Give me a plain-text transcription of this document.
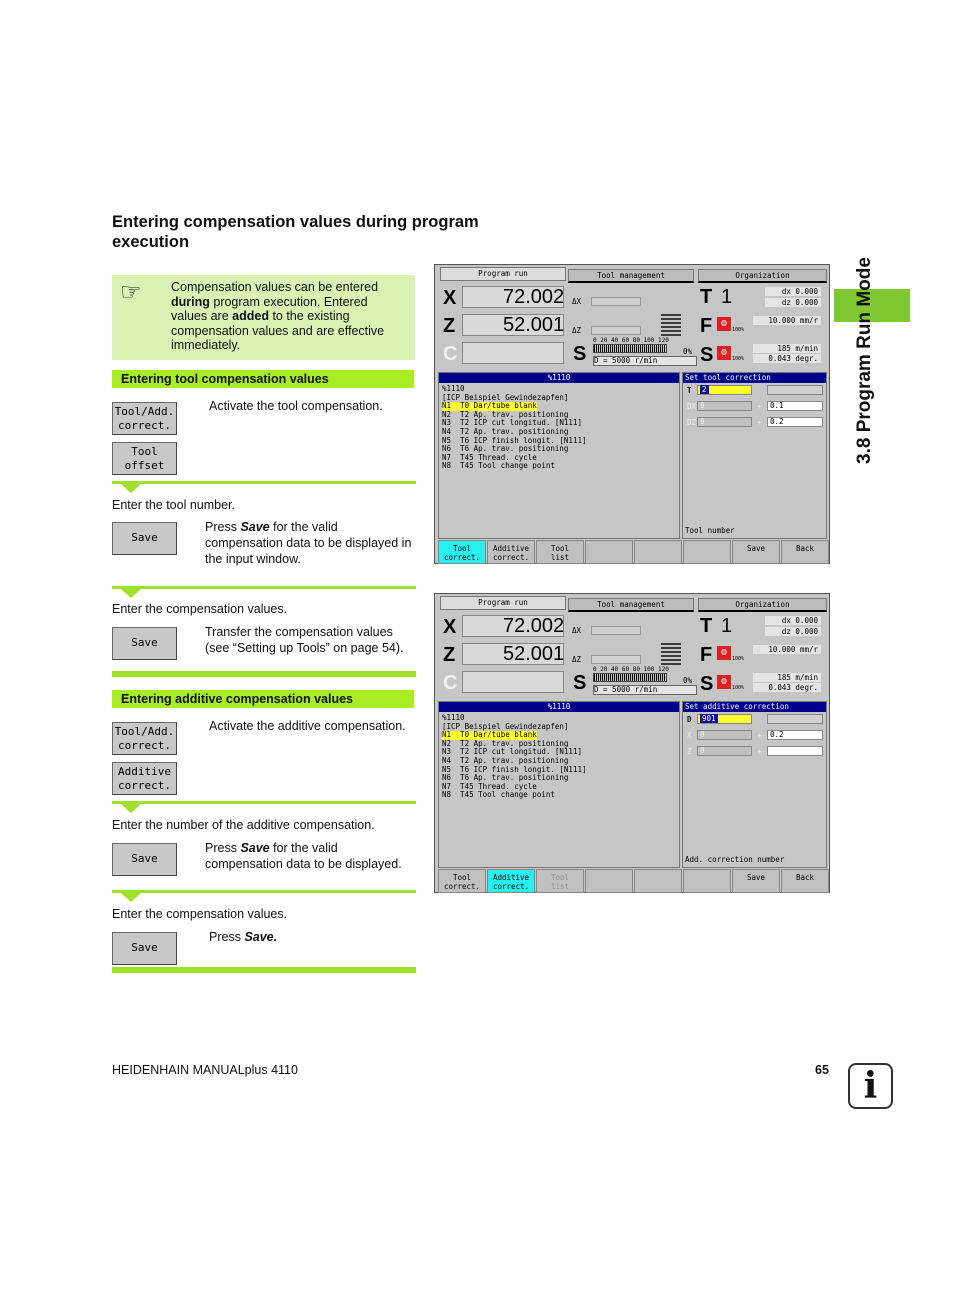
Entering compensation values during program execution
3.8 Program Run Mode
☞ Compensation values can be entered during program execution. Entered values are added to the existing compensation values and are effective immediately.
Entering tool compensation values
Tool/Add.
correct.
Activate the tool compensation.
Tool
offset
Enter the tool number.
Save
Press Save for the valid compensation data to be displayed in the input window.
Enter the compensation values.
Save
Transfer the compensation values (see “Setting up Tools” on page 54).
Entering additive compensation values
Tool/Add.
correct.
Activate the additive compensation.
Additive
correct.
Enter the number of the additive compensation.
Save
Press Save for the valid compensation data to be displayed.
Enter the compensation values.
Save
Press Save.
HEIDENHAIN MANUALplus 4110	65 i
Program run	Tool management	Organization
X	72.002
Z	52.001
C
ΔX
ΔZ
S
0 20 40 60 80 100 120
0%
D = 5000 r/min
T 1	dx 0.000
dz 0.000
F ⚙
100%
10.000 mm/r
S ⚙
100%
185 m/min
0.043 degr.
%1110
%1110
[ICP Beispiel Gewindezapfen]
N1  T0 Dar/tube blank
N2  T2 Ap. trav. positioning
N3  T2 ICP cut longitud. [N111]
N4  T2 Ap. trav. positioning
N5  T6 ICP finish longit. [N111]
N6  T6 Ap. trav. positioning
N7  T45 Thread. cycle
N8  T45 Tool change point
Set tool correction
T	2
DX 0	+	0.1
DZ 0	+	0.2
Tool number
Tool
correct.
Additive
correct.
Tool
list
Save	Back
Program run	Tool management	Organization
X	72.002
Z	52.001
C
ΔX
ΔZ
S
0 20 40 60 80 100 120
0%
D = 5000 r/min
T 1	dx 0.000
dz 0.000
F ⚙
100%
10.000 mm/r
S ⚙
100%
185 m/min
0.043 degr.
%1110
%1110
[ICP Beispiel Gewindezapfen]
N1  T0 Dar/tube blank
N2  T2 Ap. trav. positioning
N3  T2 ICP cut longitud. [N111]
N4  T2 Ap. trav. positioning
N5  T6 ICP finish longit. [N111]
N6  T6 Ap. trav. positioning
N7  T45 Thread. cycle
N8  T45 Tool change point
Set additive correction
D	901
X	0	+	0.2
Z	0	+
Add. correction number
Tool
correct.
Additive
correct.
Tool
list
Save	Back
